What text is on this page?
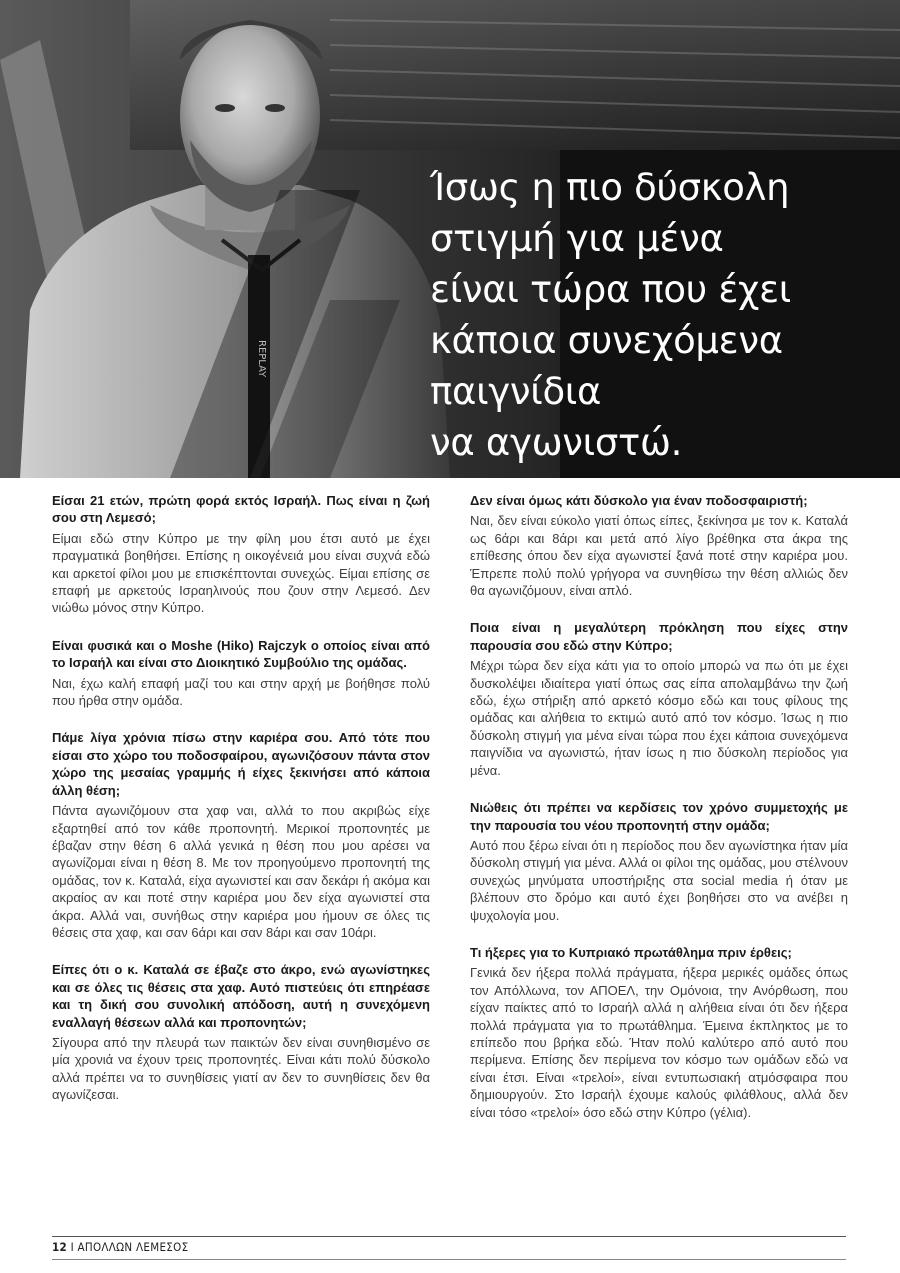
REPLAY
Ίσως η πιο δύσκολη
στιγμή για μένα
είναι τώρα που έχει
κάποια συνεχόμενα
παιγνίδια
να αγωνιστώ.

Είσαι 21 ετών, πρώτη φορά εκτός Ισραήλ. Πως είναι η ζωή σου στη Λεμεσό;

Είμαι εδώ στην Κύπρο με την φίλη μου έτσι αυτό με έχει πραγματικά βοηθήσει. Επίσης η οικογένειά μου είναι συχνά εδώ και αρκετοί φίλοι μου με επισκέπτονται συνεχώς. Είμαι επίσης σε επαφή με αρκετούς Ισραηλινούς που ζουν στην Λεμεσό. Δεν νιώθω μόνος στην Κύπρο.

Είναι φυσικά και ο Moshe (Hiko) Rajczyk ο οποίος είναι από το Ισραήλ και είναι στο Διοικητικό Συμβούλιο της ομάδας.

Ναι, έχω καλή επαφή μαζί του και στην αρχή με βοήθησε πολύ που ήρθα στην ομάδα.

Πάμε λίγα χρόνια πίσω στην καριέρα σου. Από τότε που είσαι στο χώρο του ποδοσφαίρου, αγωνιζόσουν πάντα στον χώρο της μεσαίας γραμμής ή είχες ξεκινήσει από κάποια άλλη θέση;

Πάντα αγωνιζόμουν στα χαφ ναι, αλλά το που ακριβώς είχε εξαρτηθεί από τον κάθε προπονητή. Μερικοί προπονητές με έβαζαν στην θέση 6 αλλά γενικά η θέση που μου αρέσει να αγωνίζομαι είναι η θέση 8. Με τον προηγούμενο προπονητή της ομάδας, τον κ. Καταλά, είχα αγωνιστεί και σαν δεκάρι ή ακόμα και ακραίος αν και ποτέ στην καριέρα μου δεν είχα αγωνιστεί στα άκρα. Αλλά ναι, συνήθως στην καριέρα μου ήμουν σε όλες τις θέσεις στα χαφ, και σαν 6άρι και σαν 8άρι και σαν 10άρι.

Είπες ότι ο κ. Καταλά σε έβαζε στο άκρο, ενώ αγωνίστηκες και σε όλες τις θέσεις στα χαφ. Αυτό πιστεύεις ότι επηρέασε και τη δική σου συνολική απόδοση, αυτή η συνεχόμενη εναλλαγή θέσεων αλλά και προπονητών;

Σίγουρα από την πλευρά των παικτών δεν είναι συνηθισμένο σε μία χρονιά να έχουν τρεις προπονητές. Είναι κάτι πολύ δύσκολο αλλά πρέπει να το συνηθίσεις γιατί αν δεν το συνηθίσεις δεν θα αγωνίζεσαι.

Δεν είναι όμως κάτι δύσκολο για έναν ποδοσφαιριστή;

Ναι, δεν είναι εύκολο γιατί όπως είπες, ξεκίνησα με τον κ. Καταλά ως 6άρι και 8άρι και μετά από λίγο βρέθηκα στα άκρα της επίθεσης όπου δεν είχα αγωνιστεί ξανά ποτέ στην καριέρα μου. Έπρεπε πολύ πολύ γρήγορα να συνηθίσω την θέση αλλιώς δεν θα αγωνιζόμουν, είναι απλό.

Ποια είναι η μεγαλύτερη πρόκληση που είχες στην παρουσία σου εδώ στην Κύπρο;

Μέχρι τώρα δεν είχα κάτι για το οποίο μπορώ να πω ότι με έχει δυσκολέψει ιδιαίτερα γιατί όπως σας είπα απολαμβάνω την ζωή εδώ, έχω στήριξη από αρκετό κόσμο εδώ και τους φίλους της ομάδας και αλήθεια το εκτιμώ αυτό από τον κόσμο. Ίσως η πιο δύσκολη στιγμή για μένα είναι τώρα που έχει κάποια συνεχόμενα παιγνίδια να αγωνιστώ, ήταν ίσως η πιο δύσκολη περίοδος για μένα.

Νιώθεις ότι πρέπει να κερδίσεις τον χρόνο συμμετοχής με την παρουσία του νέου προπονητή στην ομάδα;

Αυτό που ξέρω είναι ότι η περίοδος που δεν αγωνίστηκα ήταν μία δύσκολη στιγμή για μένα. Αλλά οι φίλοι της ομάδας, μου στέλνουν συνεχώς μηνύματα υποστήριξης στα social media ή όταν με βλέπουν στο δρόμο και αυτό έχει βοηθήσει στο να ανέβει η ψυχολογία μου.

Τι ήξερες για το Κυπριακό πρωτάθλημα πριν έρθεις;

Γενικά δεν ήξερα πολλά πράγματα, ήξερα μερικές ομάδες όπως τον Απόλλωνα, τον ΑΠΟΕΛ, την Ομόνοια, την Ανόρθωση, που είχαν παίκτες από το Ισραήλ αλλά η αλήθεια είναι ότι δεν ήξερα πολλά πράγματα για το πρωτάθλημα. Έμεινα έκπληκτος με το επίπεδο που βρήκα εδώ. Ήταν πολύ καλύτερο από αυτό που περίμενα. Επίσης δεν περίμενα τον κόσμο των ομάδων εδώ να είναι έτσι. Είναι «τρελοί», είναι εντυπωσιακή ατμόσφαιρα που δημιουργούν. Στο Ισραήλ έχουμε καλούς φιλάθλους, αλλά δεν είναι τόσο «τρελοί» όσο εδώ στην Κύπρο (γέλια).

12 I ΑΠΟΛΛΩΝ ΛΕΜΕΣΟΣ
